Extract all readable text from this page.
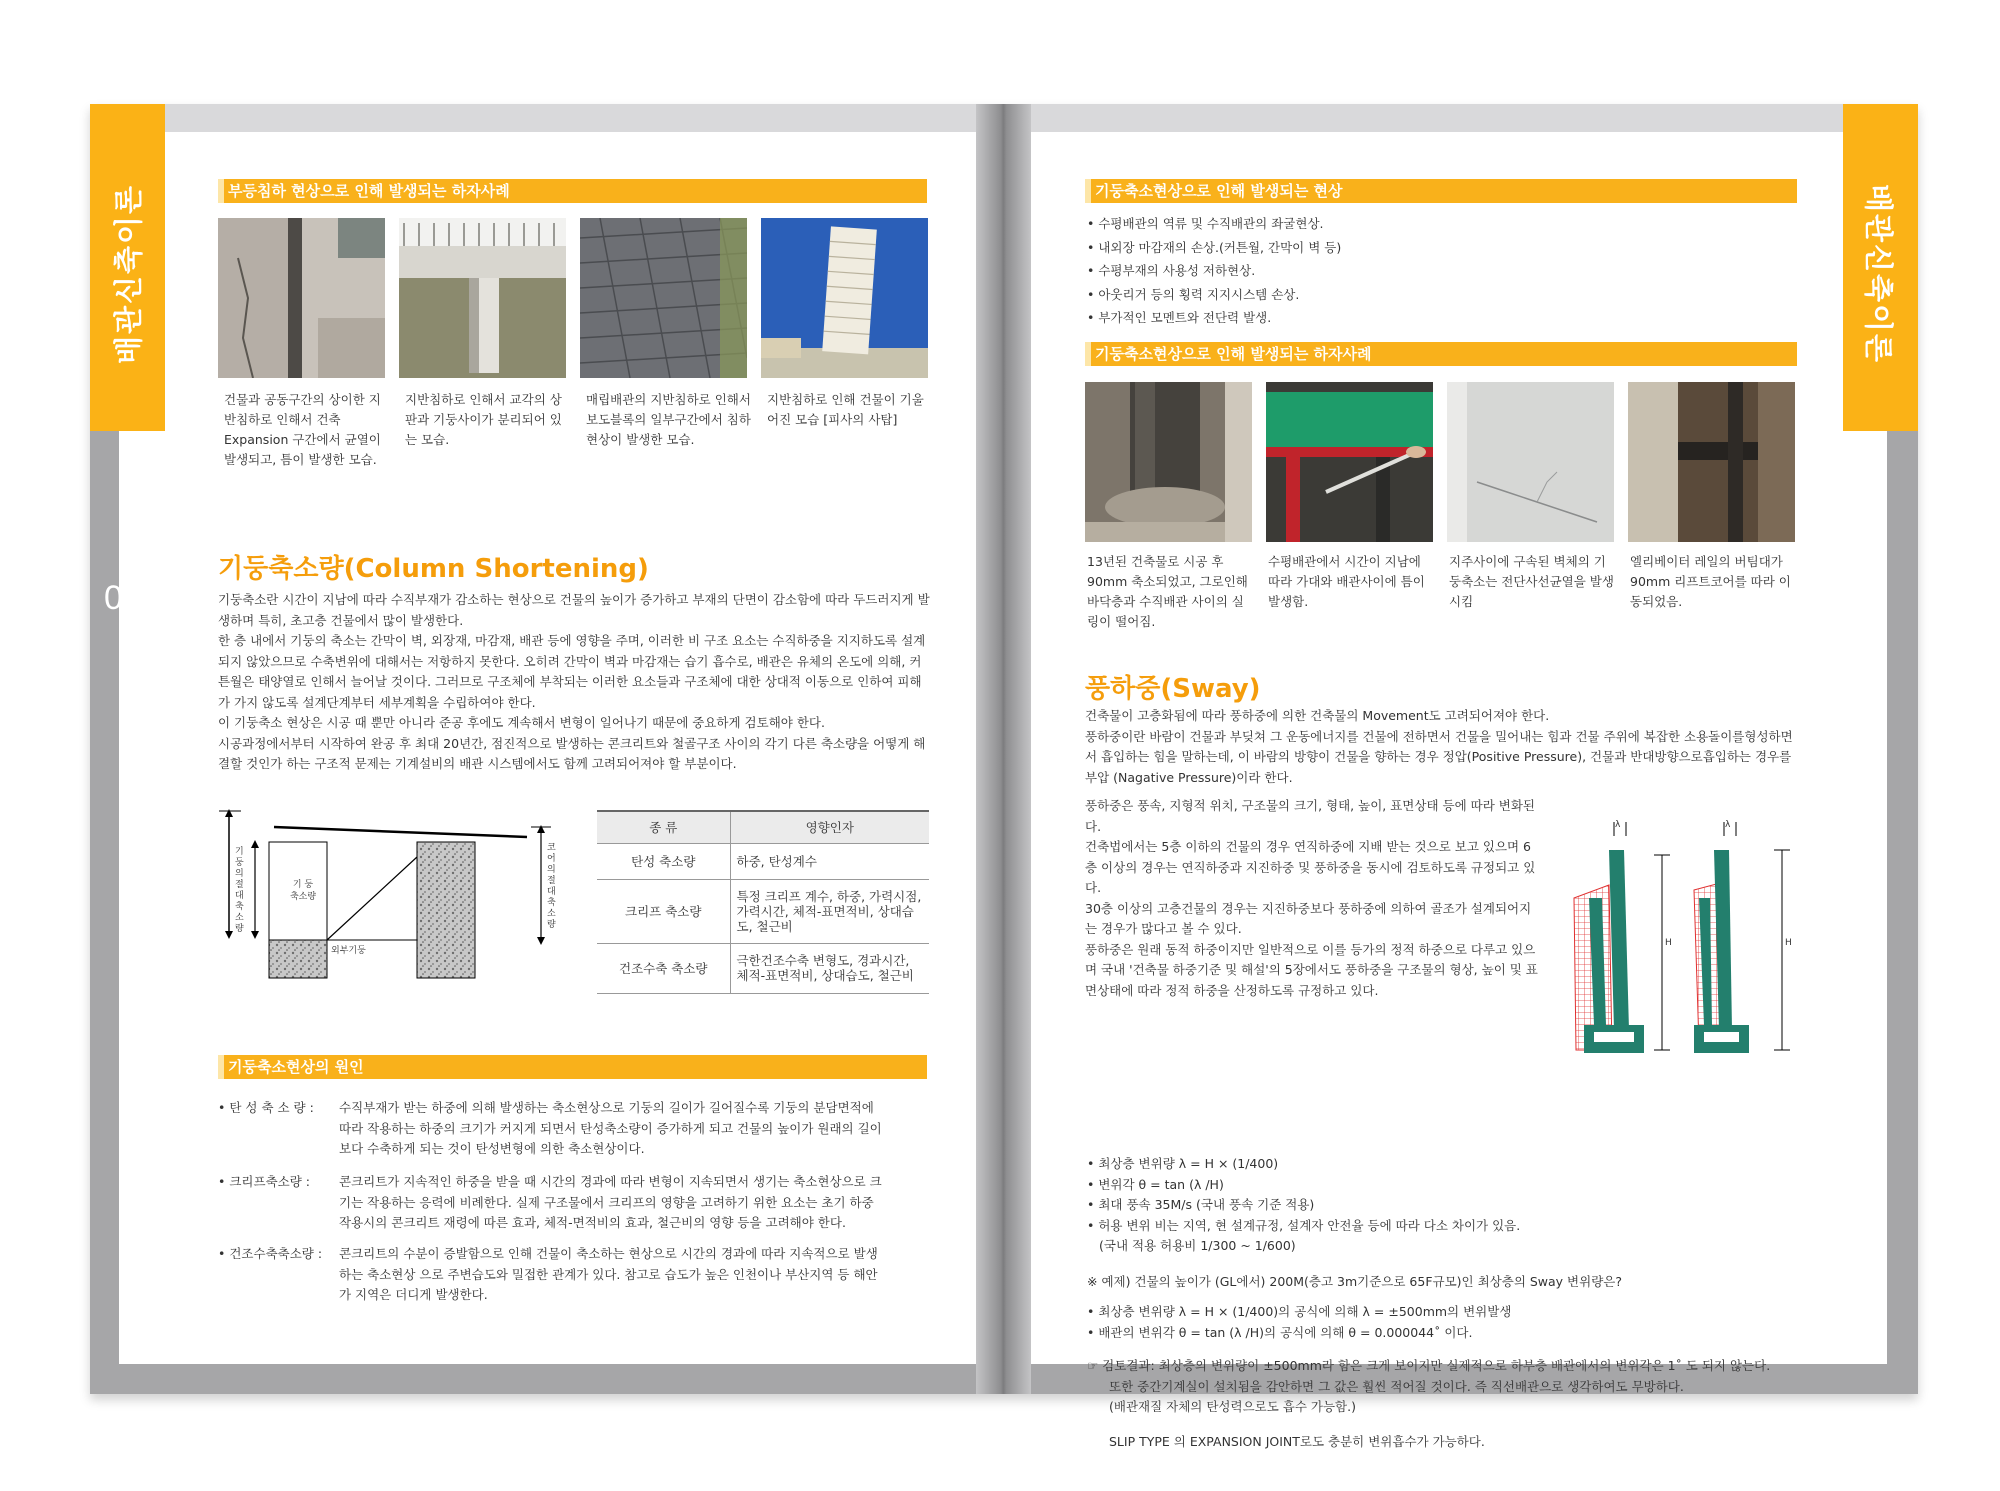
부등침하 현상으로 인해 발생되는 하자사례
건물과 공동구간의 상이한 지반침하로 인해서 건축 Expansion 구간에서 균열이 발생되고, 틈이 발생한 모습.
지반침하로 인해서 교각의 상판과 기둥사이가 분리되어 있는 모습.
매립배관의 지반침하로 인해서 보도블록의 일부구간에서 침하현상이 발생한 모습.
지반침하로 인해 건물이 기울어진 모습 [피사의 사탑]
기둥축소량(Column Shortening)

기둥축소란 시간이 지남에 따라 수직부재가 감소하는 현상으로 건물의 높이가 증가하고 부재의 단면이 감소함에 따라 두드러지게 발생하며 특히, 초고층 건물에서 많이 발생한다.

한 층 내에서 기둥의 축소는 간막이 벽, 외장재, 마감재, 배관 등에 영향을 주며, 이러한 비 구조 요소는 수직하중을 지지하도록 설계되지 않았으므로 수축변위에 대해서는 저항하지 못한다. 오히려 간막이 벽과 마감재는 습기 흡수로, 배관은 유체의 온도에 의해, 커튼월은 태양열로 인해서 늘어날 것이다. 그러므로 구조체에 부착되는 이러한 요소들과 구조체에 대한 상대적 이동으로 인하여 피해가 가지 않도록 설계단계부터 세부계획을 수립하여야 한다.

이 기둥축소 현상은 시공 때 뿐만 아니라 준공 후에도 계속해서 변형이 일어나기 때문에 중요하게 검토해야 한다.

시공과정에서부터 시작하여 완공 후 최대 20년간, 점진적으로 발생하는 콘크리트와 철골구조 사이의 각기 다른 축소량을 어떻게 해결할 것인가 하는 구조적 문제는 기계설비의 배관 시스템에서도 함께 고려되어져야 할 부분이다.

기둥의절대축소량
기 둥
축소량
코어의절대축소량
외부기둥
종 류	영향인자
탄성 축소량	하중, 탄성계수
크리프 축소량	특정 크리프 계수, 하중, 가력시점, 가력시간, 체적-표면적비, 상대습도, 철근비
건조수축 축소량	극한건조수축 변형도, 경과시간, 체적-표면적비, 상대습도, 철근비
기둥축소현상의 원인
• 탄 성 축 소 량 : 수직부재가 받는 하중에 의해 발생하는 축소현상으로 기둥의 길이가 길어질수록 기둥의 분담면적에 따라 작용하는 하중의 크기가 커지게 되면서 탄성축소량이 증가하게 되고 건물의 높이가 원래의 길이보다 수축하게 되는 것이 탄성변형에 의한 축소현상이다.
• 크리프축소량 : 콘크리트가 지속적인 하중을 받을 때 시간의 경과에 따라 변형이 지속되면서 생기는 축소현상으로 크기는 작용하는 응력에 비례한다. 실제 구조물에서 크리프의 영향을 고려하기 위한 요소는 초기 하중작용시의 콘크리트 재령에 따른 효과, 체적-면적비의 효과, 철근비의 영향 등을 고려해야 한다.
• 건조수축축소량 : 콘크리트의 수분이 증발함으로 인해 건물이 축소하는 현상으로 시간의 경과에 따라 지속적으로 발생하는 축소현상 으로 주변습도와 밀접한 관계가 있다. 참고로 습도가 높은 인천이나 부산지역 등 해안가 지역은 더디게 발생한다.
배관신축이론
06
기둥축소현상으로 인해 발생되는 현상
• 수평배관의 역류 및 수직배관의 좌굴현상.
• 내외장 마감재의 손상.(커튼월, 간막이 벽 등)
• 수평부재의 사용성 저하현상.
• 아웃리거 등의 횡력 지지시스템 손상.
• 부가적인 모멘트와 전단력 발생.
기둥축소현상으로 인해 발생되는 하자사례
13년된 건축물로 시공 후 90mm 축소되었고, 그로인해 바닥층과 수직배관 사이의 실링이 떨어짐.
수평배관에서 시간이 지남에 따라 가대와 배관사이에 틈이 발생함.
지주사이에 구속된 벽체의 기둥축소는 전단사선균열을 발생시킴
엘리베이터 레일의 버팀대가 90mm 리프트코어를 따라 이동되었음.
풍하중(Sway)

건축물이 고층화됨에 따라 풍하중에 의한 건축물의 Movement도 고려되어져야 한다.

풍하중이란 바람이 건물과 부딪쳐 그 운동에너지를 건물에 전하면서 건물을 밀어내는 힘과 건물 주위에 복잡한 소용돌이를형성하면서 흡입하는 힘을 말하는데, 이 바람의 방향이 건물을 향하는 경우 정압(Positive Pressure), 건물과 반대방향으로흡입하는 경우를 부압 (Nagative Pressure)이라 한다.

풍하중은 풍속, 지형적 위치, 구조물의 크기, 형태, 높이, 표면상태 등에 따라 변화된다.

건축법에서는 5층 이하의 건물의 경우 연직하중에 지배 받는 것으로 보고 있으며 6층 이상의 경우는 연직하중과 지진하중 및 풍하중을 동시에 검토하도록 규정되고 있다.

30층 이상의 고층건물의 경우는 지진하중보다 풍하중에 의하여 골조가 설계되어지는 경우가 많다고 볼 수 있다.

풍하중은 원래 동적 하중이지만 일반적으로 이를 등가의 정적 하중으로 다루고 있으며 국내 '건축물 하중기준 및 해설'의 5장에서도 풍하중을 구조물의 형상, 높이 및 표면상태에 따라 정적 하중을 산정하도록 규정하고 있다.

λ	λ
H	H
• 최상층 변위량 λ = H × (1/400)
• 변위각 θ = tan (λ /H)
• 최대 풍속 35M/s (국내 풍속 기준 적용)
• 허용 변위 비는 지역, 현 설계규정, 설계자 안전율 등에 따라 다소 차이가 있음.
(국내 적용 허용비 1/300 ~ 1/600)
※ 예제) 건물의 높이가 (GL에서) 200M(층고 3m기준으로 65F규모)인 최상층의 Sway 변위량은?
• 최상층 변위량 λ = H × (1/400)의 공식에 의해 λ = ±500mm의 변위발생
• 배관의 변위각 θ = tan (λ /H)의 공식에 의해 θ = 0.000044˚ 이다.

☞ 검토결과: 최상층의 변위량이 ±500mm라 함은 크게 보이지만 실제적으로 하부층 배관에서의 변위각은 1˚ 도 되지 않는다.

또한 중간기계실이 설치됨을 감안하면 그 값은 훨씬 적어질 것이다. 즉 직선배관으로 생각하여도 무방하다.

(배관재질 자체의 탄성력으로도 흡수 가능함.)

SLIP TYPE 의 EXPANSION JOINT로도 충분히 변위흡수가 가능하다.
배관신축이론
07
